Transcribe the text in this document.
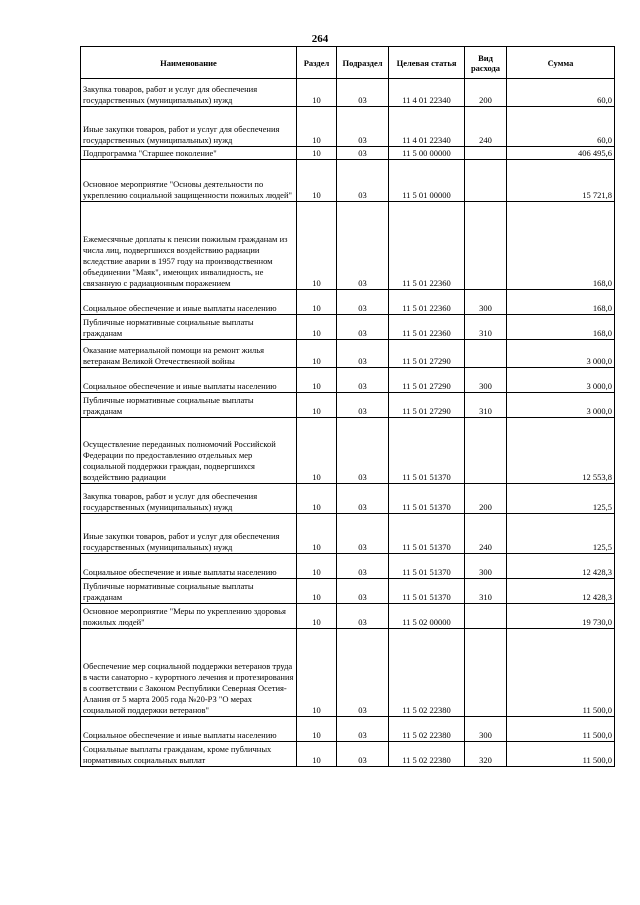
264
Наименование	Раздел	Подраздел	Целевая статья	Вид расхода	Сумма
Закупка товаров, работ и услуг для обеспечения государственных (муниципальных) нужд	10	03	11 4 01 22340	200	60,0
Иные закупки товаров, работ и услуг для обеспечения государственных (муниципальных) нужд	10	03	11 4 01 22340	240	60,0
Подпрограмма "Старшее поколение"	10	03	11 5 00 00000		406 495,6
Основное мероприятие "Основы деятельности по укреплению социальной защищенности пожилых людей"	10	03	11 5 01 00000		15 721,8
Ежемесячные доплаты к пенсии пожилым гражданам из числа лиц, подвергшихся воздействию радиации вследствие аварии в 1957 году на производственном объединении "Маяк", имеющих инвалидность, не связанную с радиационным поражением	10	03	11 5 01 22360		168,0
Социальное обеспечение и иные выплаты населению	10	03	11 5 01 22360	300	168,0
Публичные нормативные социальные выплаты гражданам	10	03	11 5 01 22360	310	168,0
Оказание материальной помощи на ремонт жилья ветеранам Великой Отечественной войны	10	03	11 5 01 27290		3 000,0
Социальное обеспечение и иные выплаты населению	10	03	11 5 01 27290	300	3 000,0
Публичные нормативные социальные выплаты гражданам	10	03	11 5 01 27290	310	3 000,0
Осуществление переданных полномочий Российской Федерации по предоставлению отдельных мер социальной поддержки граждан, подвергшихся воздействию радиации	10	03	11 5 01 51370		12 553,8
Закупка товаров, работ и услуг для обеспечения государственных (муниципальных) нужд	10	03	11 5 01 51370	200	125,5
Иные закупки товаров, работ и услуг для обеспечения государственных (муниципальных) нужд	10	03	11 5 01 51370	240	125,5
Социальное обеспечение и иные выплаты населению	10	03	11 5 01 51370	300	12 428,3
Публичные нормативные социальные выплаты гражданам	10	03	11 5 01 51370	310	12 428,3
Основное мероприятие "Меры по укреплению здоровья пожилых людей"	10	03	11 5 02 00000		19 730,0
Обеспечение мер социальной поддержки ветеранов труда в части санаторно - курортного лечения и протезирования в соответствии с Законом Республики Северная Осетия-Алания от 5 марта 2005 года №20-РЗ "О мерах социальной поддержки ветеранов"	10	03	11 5 02 22380		11 500,0
Социальное обеспечение и иные выплаты населению	10	03	11 5 02 22380	300	11 500,0
Социальные выплаты гражданам, кроме публичных нормативных социальных выплат	10	03	11 5 02 22380	320	11 500,0
